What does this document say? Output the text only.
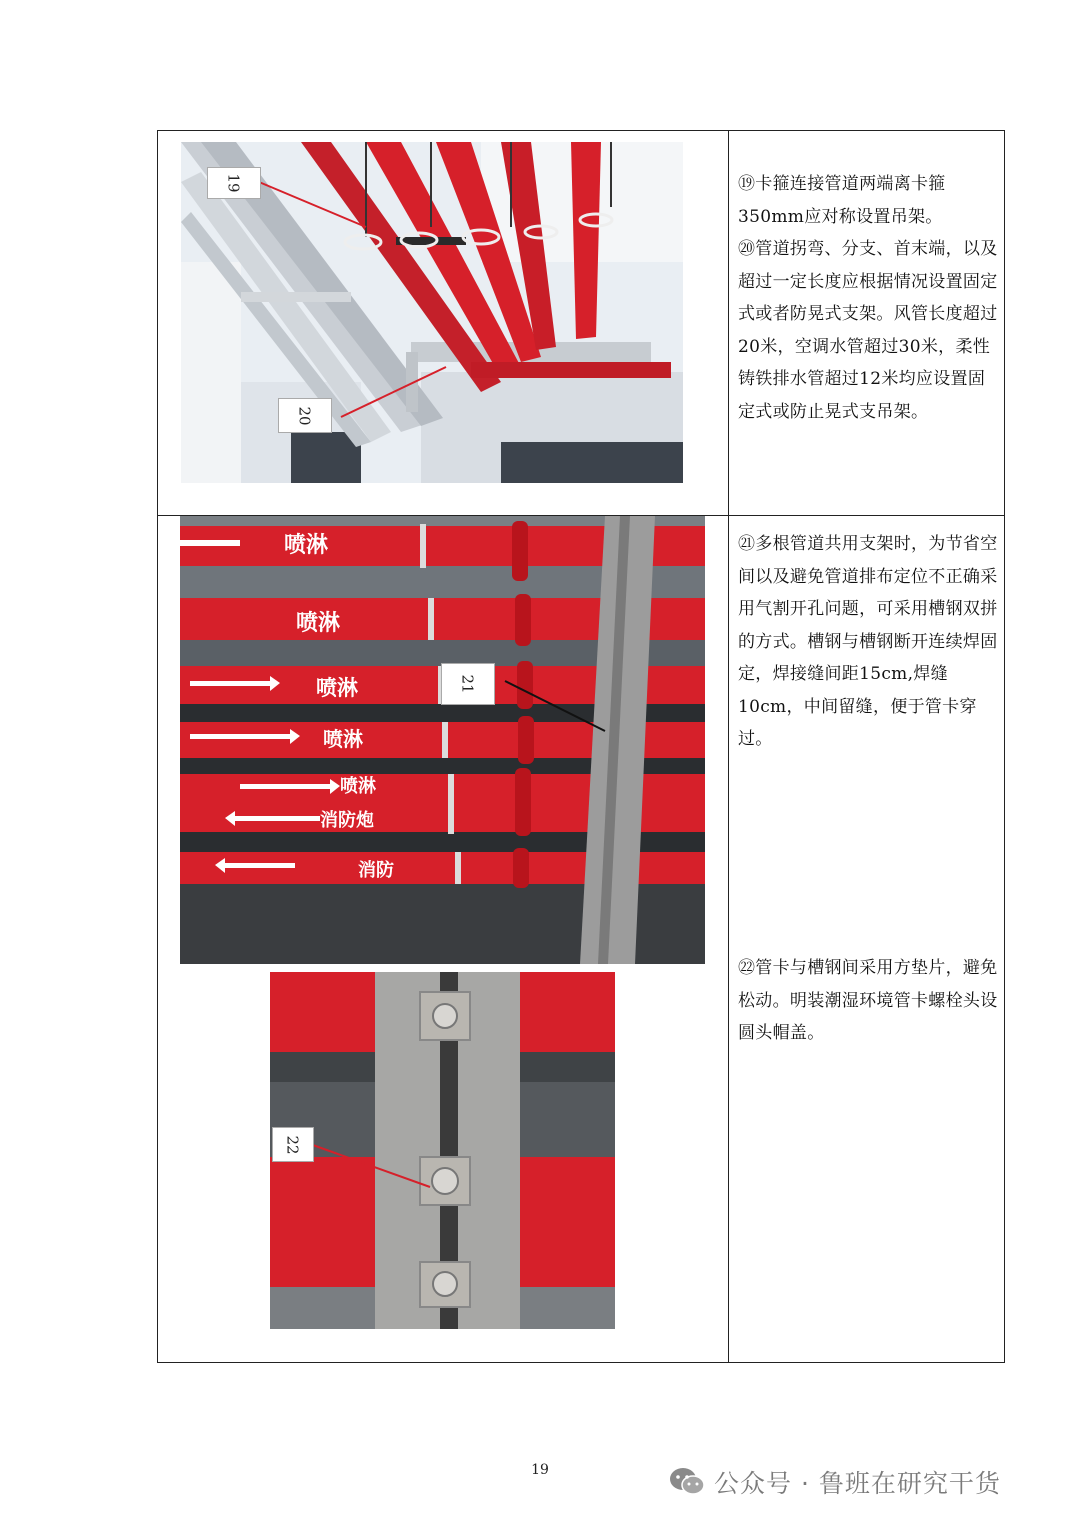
19
20
喷淋
喷淋
喷淋
喷淋
喷淋
消防炮
消防
21
22

⑲卡箍连接管道两端离卡箍350mm应对称设置吊架。

⑳管道拐弯、分支、首末端，以及超过一定长度应根据情况设置固定式或者防晃式支架。风管长度超过20米，空调水管超过30米，柔性铸铁排水管超过12米均应设置固定式或防止晃式支吊架。

㉑多根管道共用支架时，为节省空间以及避免管道排布定位不正确采用气割开孔问题，可采用槽钢双拼的方式。槽钢与槽钢断开连续焊固定，焊接缝间距15cm,焊缝10cm，中间留缝，便于管卡穿过。

㉒管卡与槽钢间采用方垫片，避免松动。明装潮湿环境管卡螺栓头设圆头帽盖。

19	公众号 · 鲁班在研究干货
